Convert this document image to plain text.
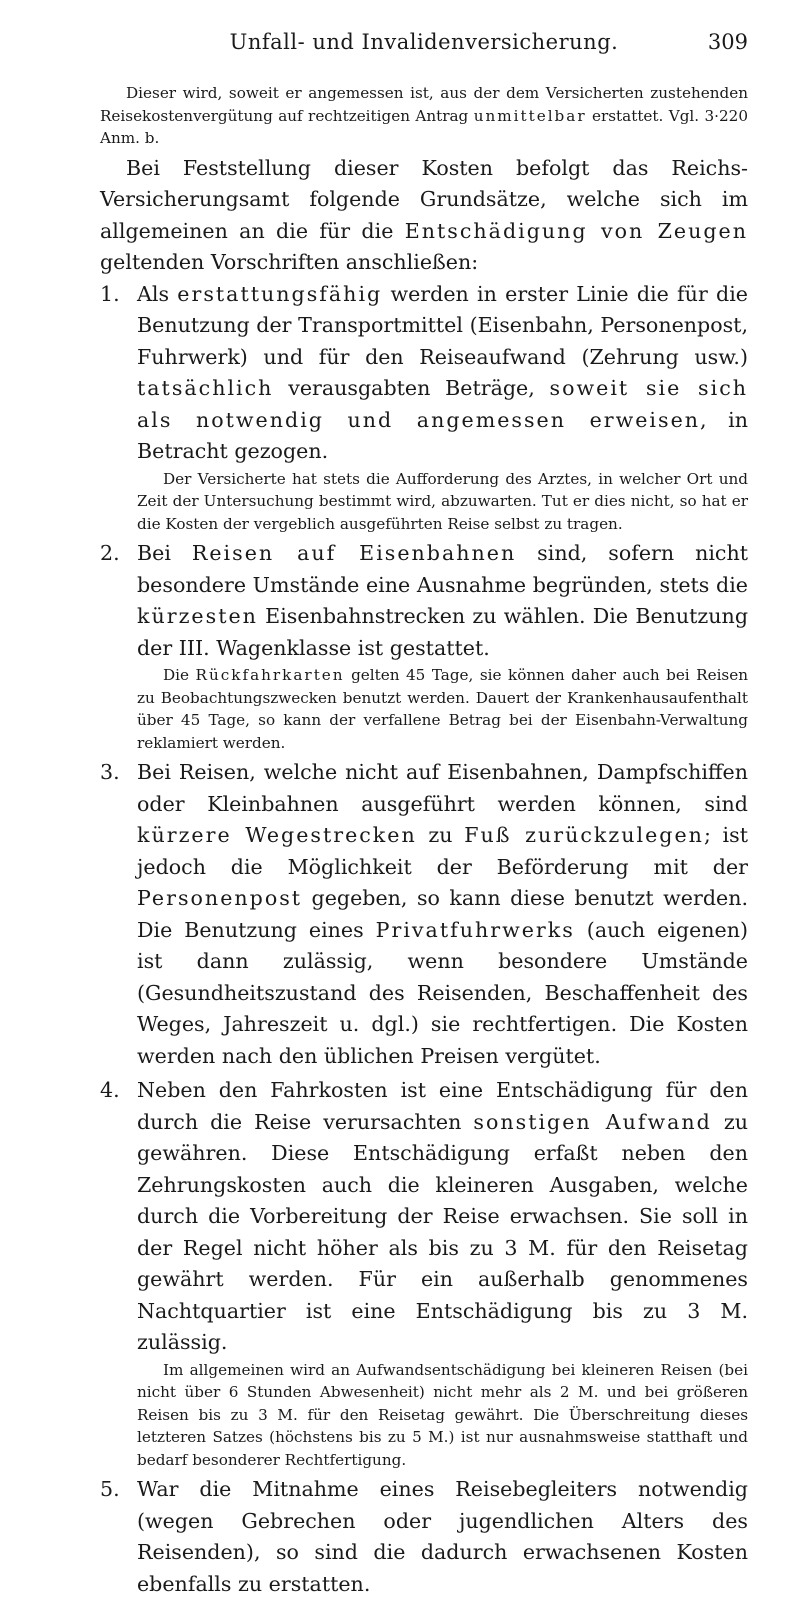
Unfall- und Invalidenversicherung.	309

Dieser wird, soweit er angemessen ist, aus der dem Versicherten zustehenden Reisekostenvergütung auf rechtzeitigen Antrag unmittelbar erstattet. Vgl. 3·220 Anm. b.

Bei Feststellung dieser Kosten befolgt das Reichs-Versicherungsamt folgende Grundsätze, welche sich im allgemeinen an die für die Entschädigung von Zeugen geltenden Vorschriften anschließen:

1. Als erstattungsfähig werden in erster Linie die für die Benutzung der Transportmittel (Eisenbahn, Personenpost, Fuhrwerk) und für den Reiseaufwand (Zehrung usw.) tatsächlich verausgabten Beträge, soweit sie sich als notwendig und angemessen erweisen, in Betracht gezogen.

Der Versicherte hat stets die Aufforderung des Arztes, in welcher Ort und Zeit der Untersuchung bestimmt wird, abzuwarten. Tut er dies nicht, so hat er die Kosten der vergeblich ausgeführten Reise selbst zu tragen.

2. Bei Reisen auf Eisenbahnen sind, sofern nicht besondere Umstände eine Ausnahme begründen, stets die kürzesten Eisenbahnstrecken zu wählen. Die Benutzung der III. Wagenklasse ist gestattet.

Die Rückfahrkarten gelten 45 Tage, sie können daher auch bei Reisen zu Beobachtungszwecken benutzt werden. Dauert der Krankenhausaufenthalt über 45 Tage, so kann der verfallene Betrag bei der Eisenbahn-Verwaltung reklamiert werden.

3. Bei Reisen, welche nicht auf Eisenbahnen, Dampfschiffen oder Kleinbahnen ausgeführt werden können, sind kürzere Wegestrecken zu Fuß zurückzulegen; ist jedoch die Möglichkeit der Beförderung mit der Personenpost gegeben, so kann diese benutzt werden. Die Benutzung eines Privatfuhrwerks (auch eigenen) ist dann zulässig, wenn besondere Umstände (Gesundheitszustand des Reisenden, Beschaffenheit des Weges, Jahreszeit u. dgl.) sie rechtfertigen. Die Kosten werden nach den üblichen Preisen vergütet.

4. Neben den Fahrkosten ist eine Entschädigung für den durch die Reise verursachten sonstigen Aufwand zu gewähren. Diese Entschädigung erfaßt neben den Zehrungskosten auch die kleineren Ausgaben, welche durch die Vorbereitung der Reise erwachsen. Sie soll in der Regel nicht höher als bis zu 3 M. für den Reisetag gewährt werden. Für ein außerhalb genommenes Nachtquartier ist eine Entschädigung bis zu 3 M. zulässig.

Im allgemeinen wird an Aufwandsentschädigung bei kleineren Reisen (bei nicht über 6 Stunden Abwesenheit) nicht mehr als 2 M. und bei größeren Reisen bis zu 3 M. für den Reisetag gewährt. Die Überschreitung dieses letzteren Satzes (höchstens bis zu 5 M.) ist nur ausnahmsweise statthaft und bedarf besonderer Rechtfertigung.

5. War die Mitnahme eines Reisebegleiters notwendig (wegen Gebrechen oder jugendlichen Alters des Reisenden), so sind die dadurch erwachsenen Kosten ebenfalls zu erstatten.
